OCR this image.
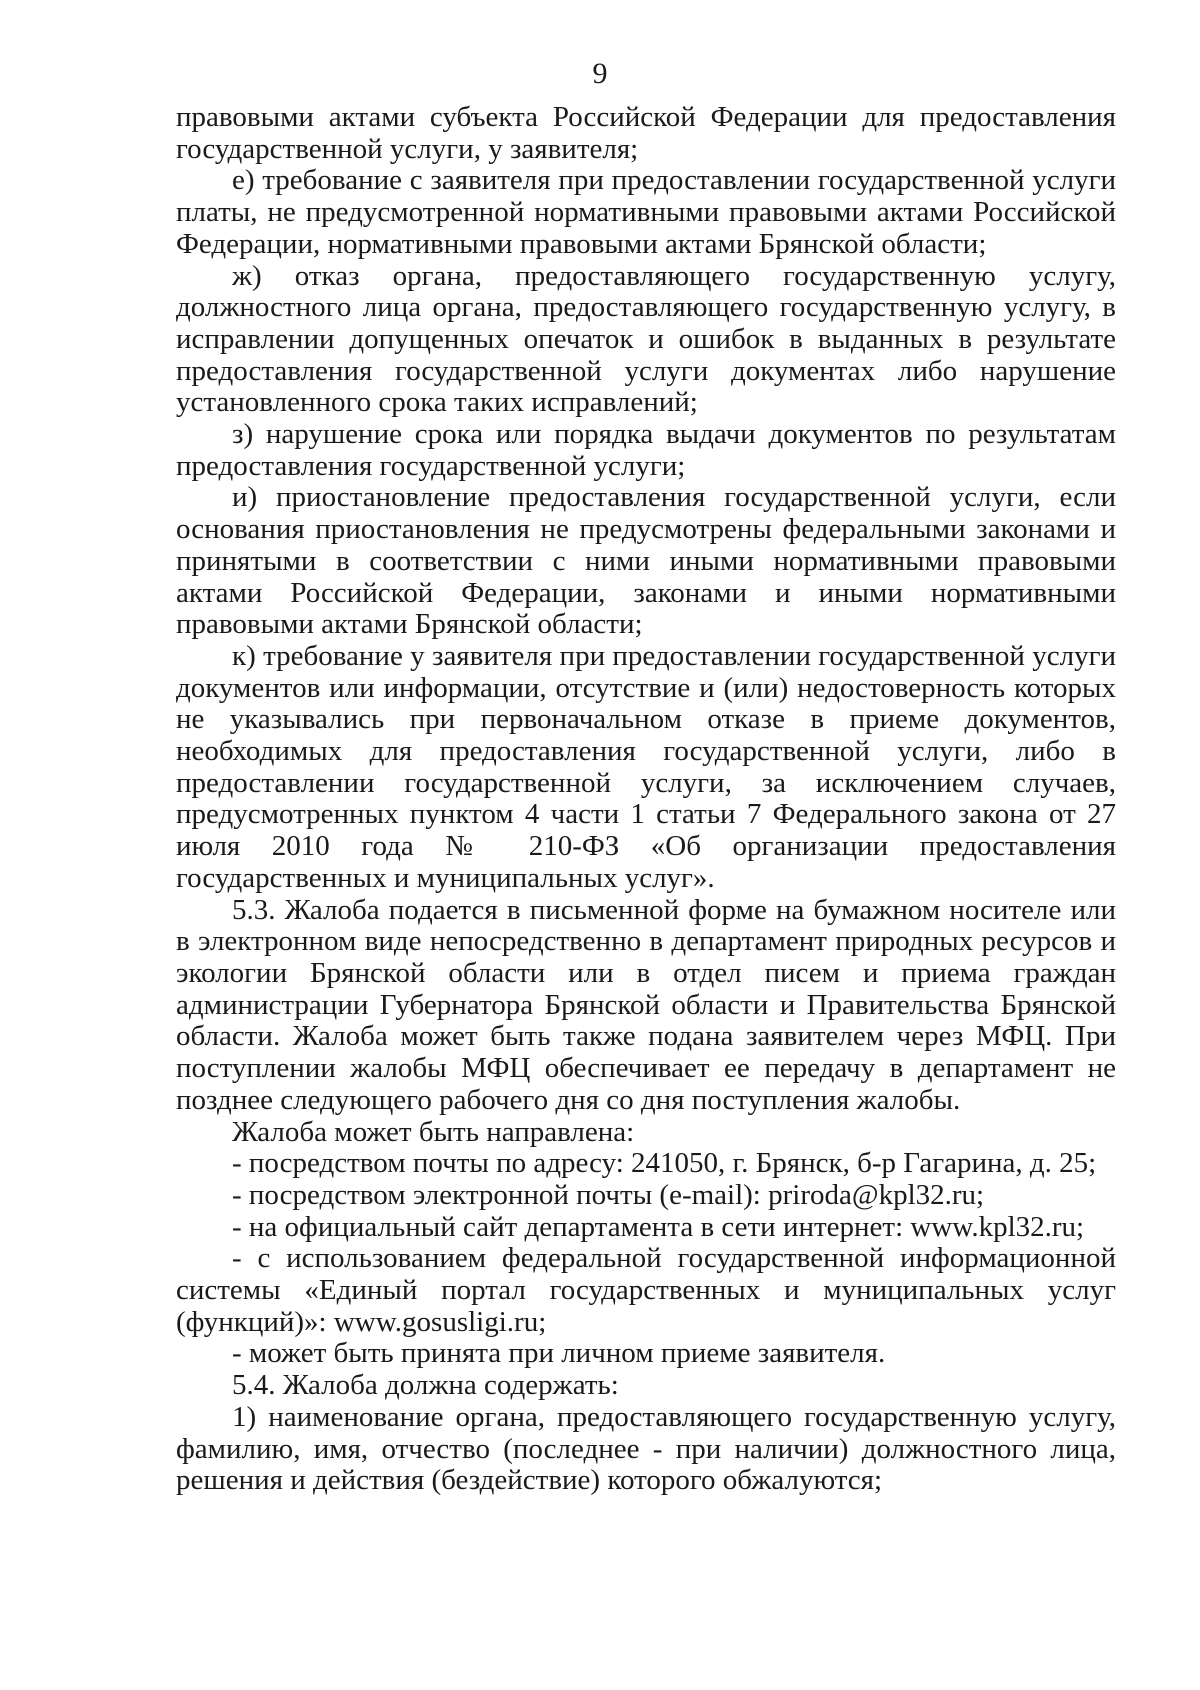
9

правовыми актами субъекта Российской Федерации для предоставления государственной услуги, у заявителя;

е) требование с заявителя при предоставлении государственной услуги платы, не предусмотренной нормативными правовыми актами Российской Федерации, нормативными правовыми актами Брянской области;

ж) отказ органа, предоставляющего государственную услугу, должностного лица органа, предоставляющего государственную услугу, в исправлении допущенных опечаток и ошибок в выданных в результате предоставления государственной услуги документах либо нарушение установленного срока таких исправлений;

з) нарушение срока или порядка выдачи документов по результатам предоставления государственной услуги;

и) приостановление предоставления государственной услуги, если основания приостановления не предусмотрены федеральными законами и принятыми в соответствии с ними иными нормативными правовыми актами Российской Федерации, законами и иными нормативными правовыми актами Брянской области;

к) требование у заявителя при предоставлении государственной услуги документов или информации, отсутствие и (или) недостоверность которых не указывались при первоначальном отказе в приеме документов, необходимых для предоставления государственной услуги, либо в предоставлении государственной услуги, за исключением случаев, предусмотренных пунктом 4 части 1 статьи 7 Федерального закона от 27 июля 2010 года № 210-ФЗ «Об организации предоставления государственных и муниципальных услуг».

5.3. Жалоба подается в письменной форме на бумажном носителе или в электронном виде непосредственно в департамент природных ресурсов и экологии Брянской области или в отдел писем и приема граждан администрации Губернатора Брянской области и Правительства Брянской области. Жалоба может быть также подана заявителем через МФЦ. При поступлении жалобы МФЦ обеспечивает ее передачу в департамент не позднее следующего рабочего дня со дня поступления жалобы.

Жалоба может быть направлена:

- посредством почты по адресу: 241050, г. Брянск, б-р Гагарина, д. 25;

- посредством электронной почты (e-mail): priroda@kpl32.ru;

- на официальный сайт департамента в сети интернет: www.kpl32.ru;

- с использованием федеральной государственной информационной системы «Единый портал государственных и муниципальных услуг (функций)»: www.gosusligi.ru;

- может быть принята при личном приеме заявителя.

5.4. Жалоба должна содержать:

1) наименование органа, предоставляющего государственную услугу, фамилию, имя, отчество (последнее - при наличии) должностного лица, решения и действия (бездействие) которого обжалуются;
